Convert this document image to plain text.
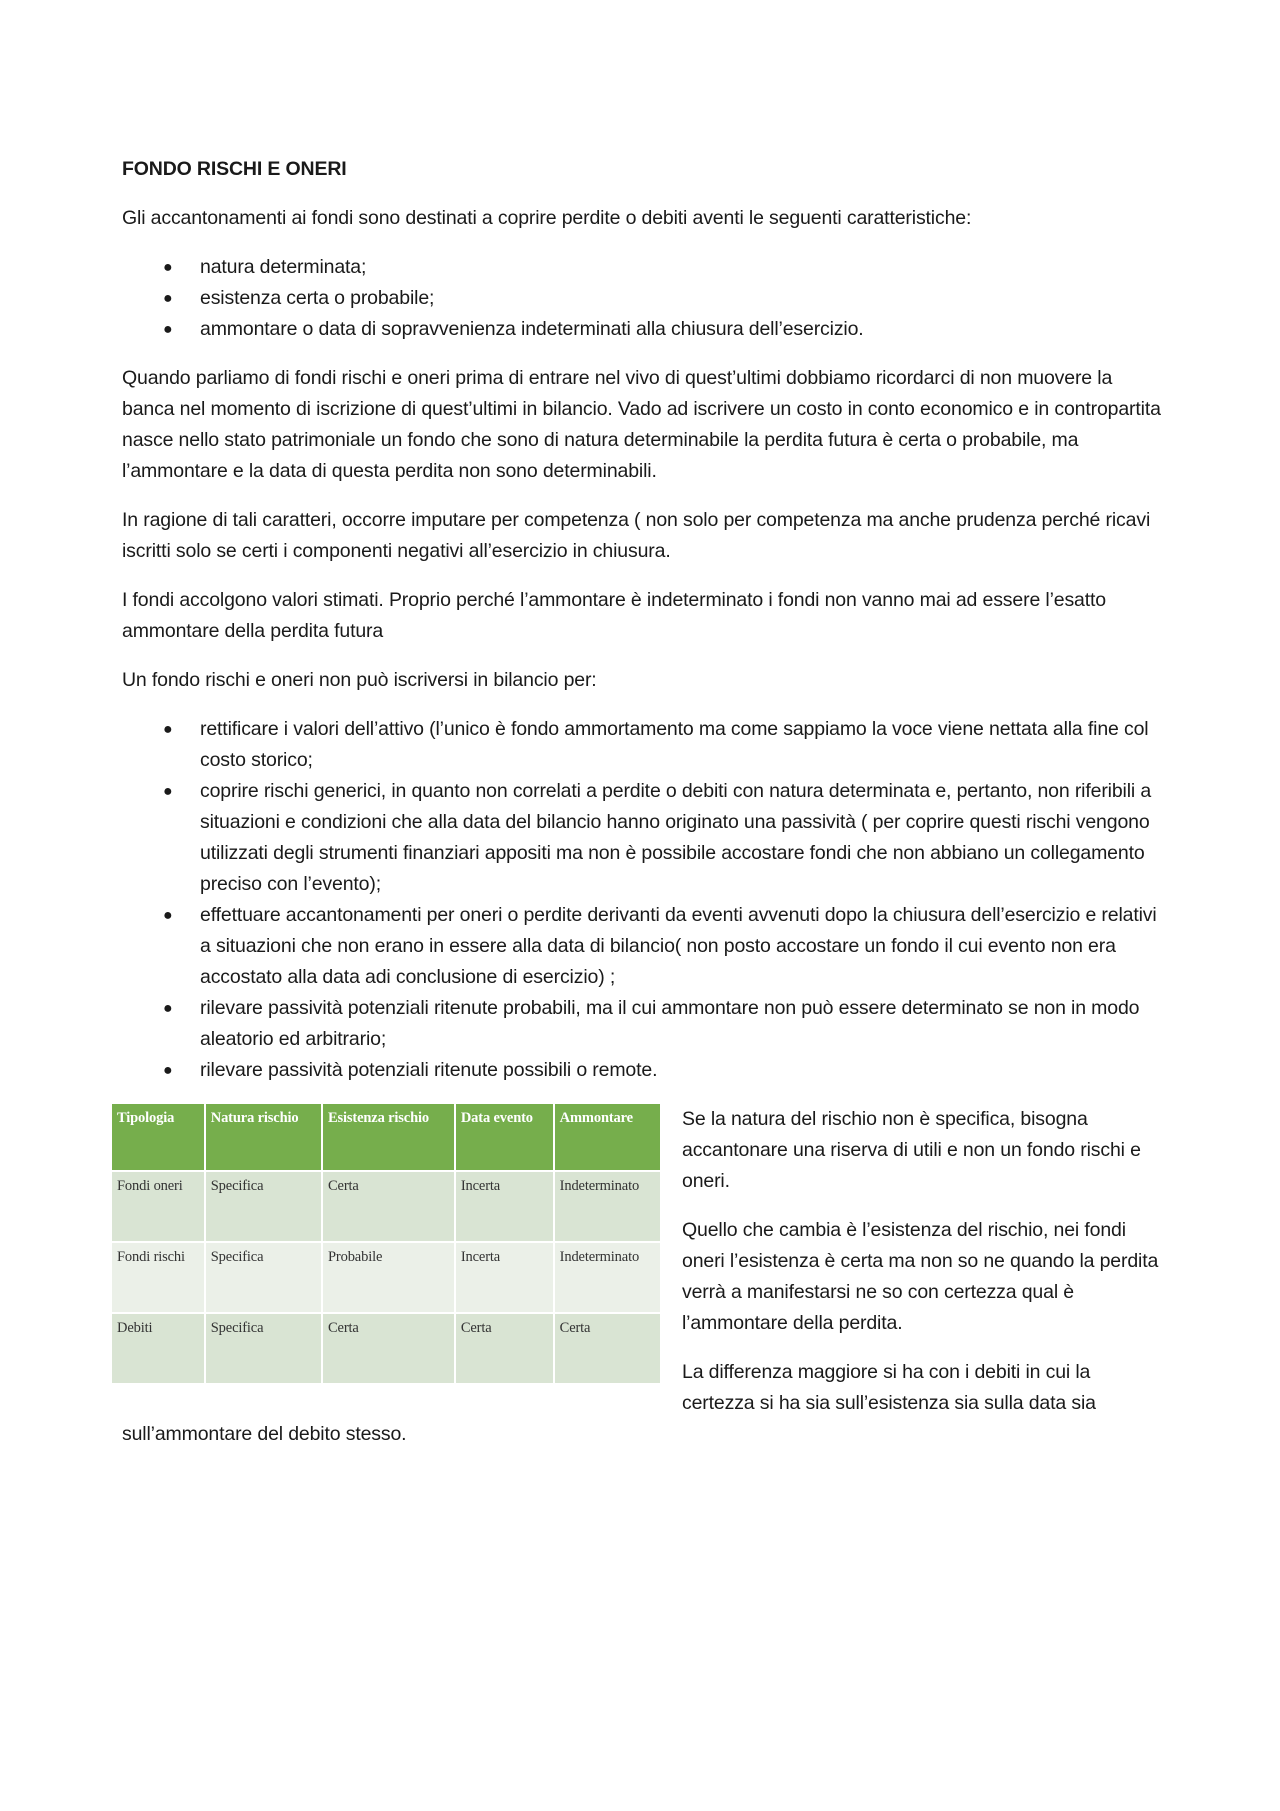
FONDO RISCHI E ONERI

Gli accantonamenti ai fondi sono destinati a coprire perdite o debiti aventi le seguenti caratteristiche:

● natura determinata;
● esistenza certa o probabile;
● ammontare o data di sopravvenienza indeterminati alla chiusura dell’esercizio.

Quando parliamo di fondi rischi e oneri prima di entrare nel vivo di quest’ultimi dobbiamo ricordarci di non muovere la banca nel momento di iscrizione di quest’ultimi in bilancio. Vado ad iscrivere un costo in conto economico e in contropartita nasce nello stato patrimoniale un fondo che sono di natura determinabile la perdita futura è certa o probabile, ma l’ammontare e la data di questa perdita non sono determinabili.

In ragione di tali caratteri, occorre imputare per competenza ( non solo per competenza ma anche prudenza perché ricavi iscritti solo se certi i componenti negativi all’esercizio in chiusura.

I fondi accolgono valori stimati. Proprio perché l’ammontare è indeterminato i fondi non vanno mai ad essere l’esatto ammontare della perdita futura

Un fondo rischi e oneri non può iscriversi in bilancio per:

● rettificare i valori dell’attivo (l’unico è fondo ammortamento ma come sappiamo la voce viene nettata alla fine col costo storico;
● coprire rischi generici, in quanto non correlati a perdite o debiti con natura determinata e, pertanto, non riferibili a situazioni e condizioni che alla data del bilancio hanno originato una passività ( per coprire questi rischi vengono utilizzati degli strumenti finanziari appositi ma non è possibile accostare fondi che non abbiano un collegamento preciso con l’evento);
● effettuare accantonamenti per oneri o perdite derivanti da eventi avvenuti dopo la chiusura dell’esercizio e relativi a situazioni che non erano in essere alla data di bilancio( non posto accostare un fondo il cui evento non era accostato alla data adi conclusione di esercizio) ;
● rilevare passività potenziali ritenute probabili, ma il cui ammontare non può essere determinato se non in modo aleatorio ed arbitrario;
● rilevare passività potenziali ritenute possibili o remote.
Tipologia	Natura rischio	Esistenza rischio	Data evento	Ammontare
Fondi oneri	Specifica	Certa	Incerta	Indeterminato
Fondi rischi	Specifica	Probabile	Incerta	Indeterminato
Debiti	Specifica	Certa	Certa	Certa

Se la natura del rischio non è specifica, bisogna accantonare una riserva di utili e non un fondo rischi e oneri.

Quello che cambia è l’esistenza del rischio, nei fondi oneri l’esistenza è certa ma non so ne quando la perdita verrà a manifestarsi ne so con certezza qual è l’ammontare della perdita.

La differenza maggiore si ha con i debiti in cui la certezza si ha sia sull’esistenza sia sulla data sia sull’ammontare del debito stesso.
